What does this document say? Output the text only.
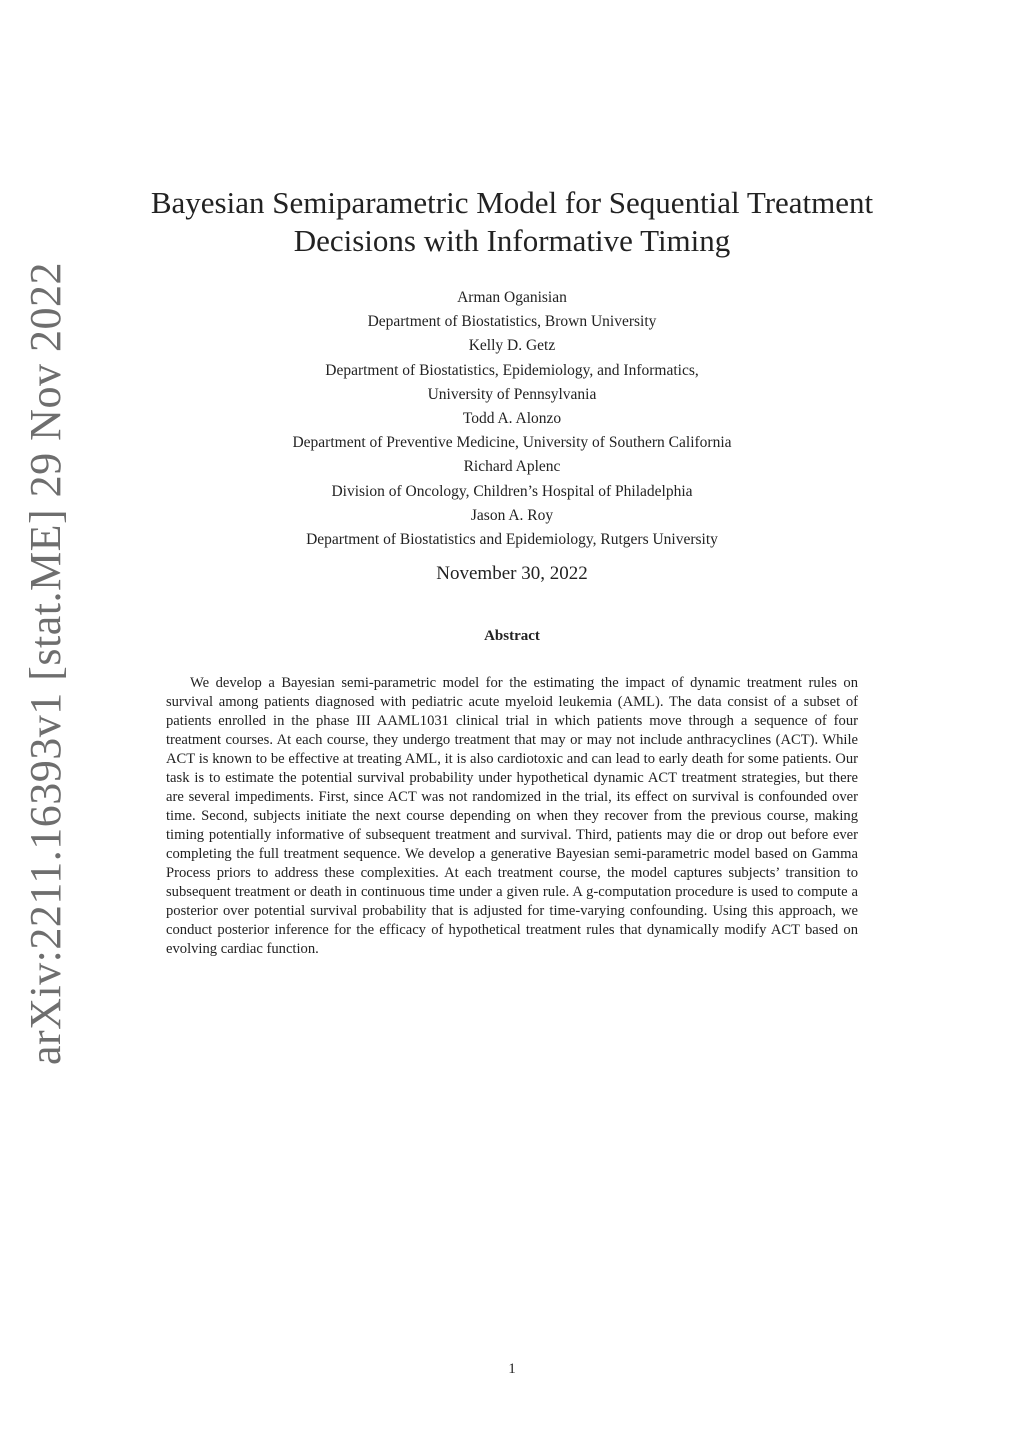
arXiv:2211.16393v1 [stat.ME] 29 Nov 2022
Bayesian Semiparametric Model for Sequential Treatment Decisions with Informative Timing
Arman Oganisian
Department of Biostatistics, Brown University
Kelly D. Getz
Department of Biostatistics, Epidemiology, and Informatics,
University of Pennsylvania
Todd A. Alonzo
Department of Preventive Medicine, University of Southern California
Richard Aplenc
Division of Oncology, Children’s Hospital of Philadelphia
Jason A. Roy
Department of Biostatistics and Epidemiology, Rutgers University
November 30, 2022
Abstract

We develop a Bayesian semi-parametric model for the estimating the impact of dynamic treatment rules on survival among patients diagnosed with pediatric acute myeloid leukemia (AML). The data consist of a subset of patients enrolled in the phase III AAML1031 clinical trial in which patients move through a sequence of four treatment courses. At each course, they undergo treatment that may or may not include anthracyclines (ACT). While ACT is known to be effective at treating AML, it is also cardiotoxic and can lead to early death for some patients. Our task is to estimate the potential survival probability under hypothetical dynamic ACT treatment strategies, but there are several impediments. First, since ACT was not randomized in the trial, its effect on survival is confounded over time. Second, subjects initiate the next course depending on when they recover from the previous course, making timing potentially informative of subsequent treatment and survival. Third, patients may die or drop out before ever completing the full treatment sequence. We develop a generative Bayesian semi-parametric model based on Gamma Process priors to address these complexities. At each treatment course, the model captures subjects’ transition to subsequent treatment or death in continuous time under a given rule. A g-computation procedure is used to compute a posterior over potential survival probability that is adjusted for time-varying confounding. Using this approach, we conduct posterior inference for the efficacy of hypothetical treatment rules that dynamically modify ACT based on evolving cardiac function.

1
